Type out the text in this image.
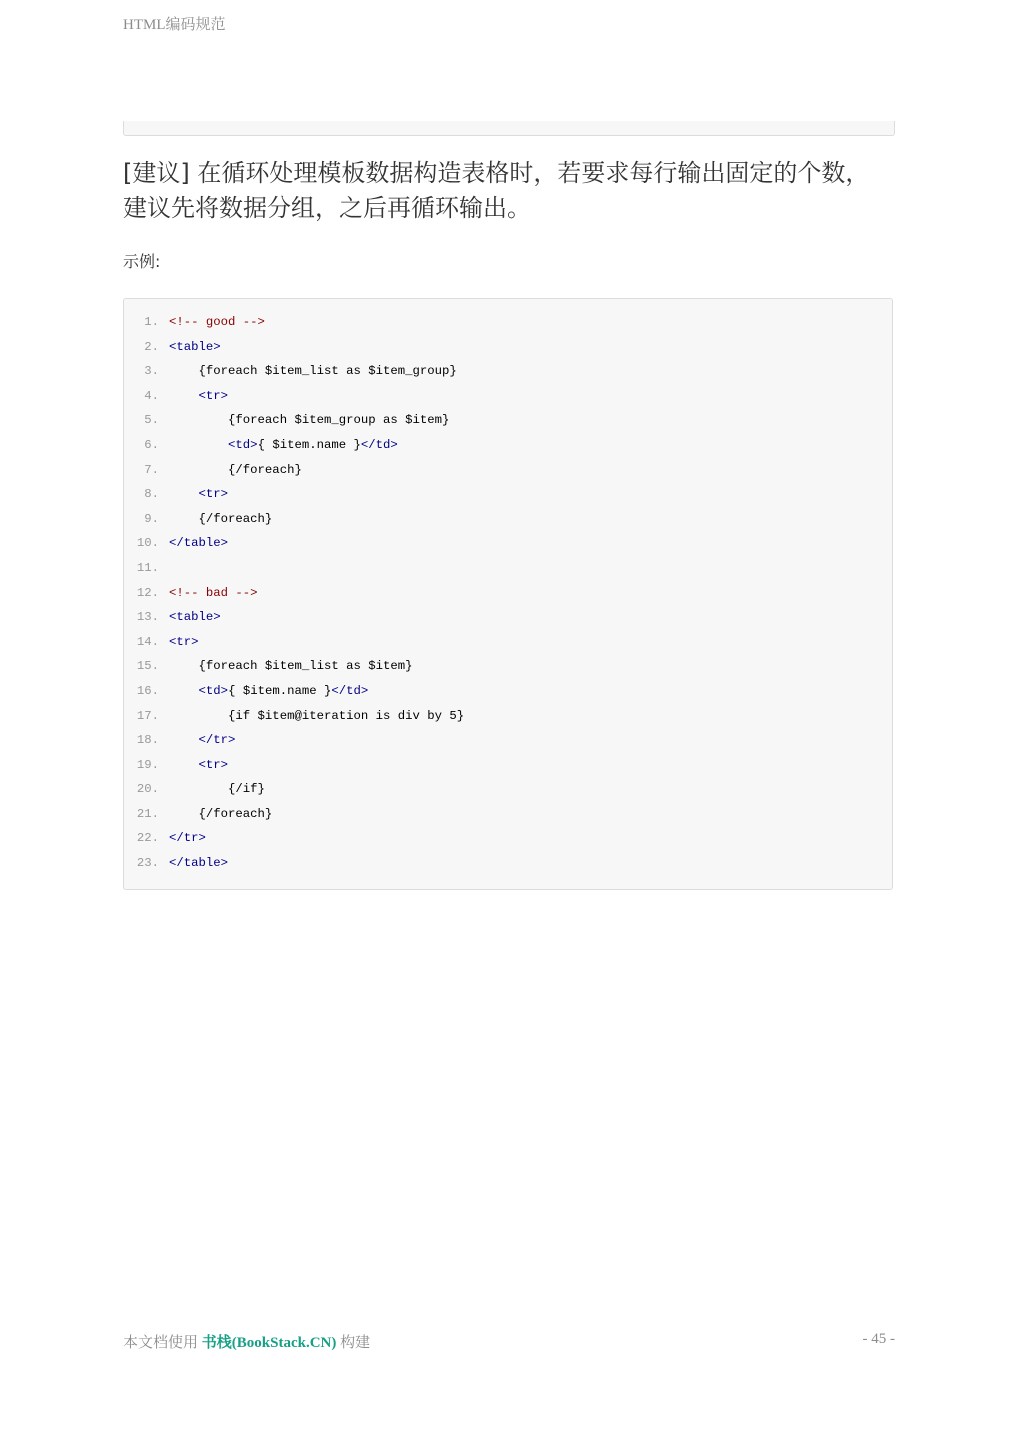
HTML编码规范
[建议] 在循环处理模板数据构造表格时，若要求每行输出固定的个数，建议先将数据分组，之后再循环输出。
示例:
1. <!-- good -->
2. <table>
3. {foreach $item_list as $item_group}
4.	<tr>
5. {foreach $item_group as $item}
6.	<td>{ $item.name }</td>
7. {/foreach}
8.	<tr>
9. {/foreach}
10. </table>
11.
12. <!-- bad -->
13. <table>
14. <tr>
15. {foreach $item_list as $item}
16.	<td>{ $item.name }</td>
17. {if $item@iteration is div by 5}
18.	</tr>
19.	<tr>
20. {/if}
21. {/foreach}
22. </tr>
23. </table>
本文档使用 书栈(BookStack.CN) 构建	- 45 -
